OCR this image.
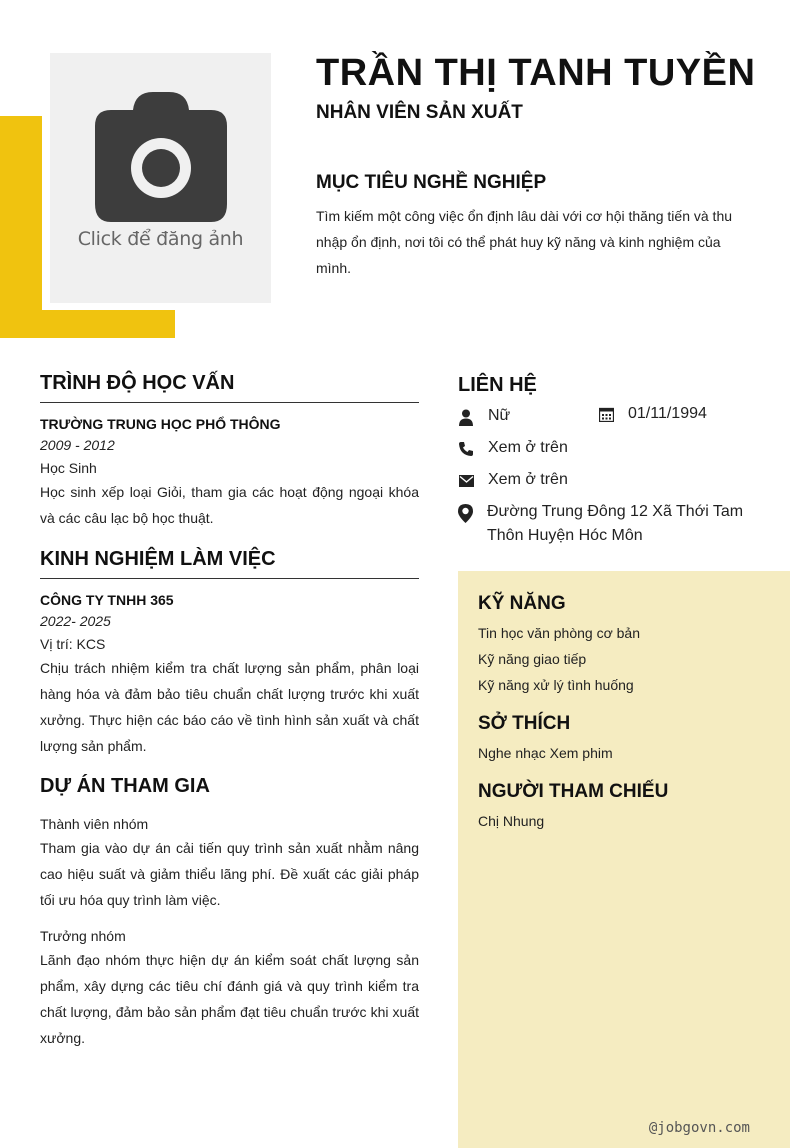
Click để đăng ảnh
TRẦN THỊ TANH TUYỀN
NHÂN VIÊN SẢN XUẤT
MỤC TIÊU NGHỀ NGHIỆP
Tìm kiếm một công việc ổn định lâu dài với cơ hội thăng tiến và thu nhập ổn định, nơi tôi có thể phát huy kỹ năng và kinh nghiệm của mình.
TRÌNH ĐỘ HỌC VẤN
TRƯỜNG TRUNG HỌC PHỔ THÔNG
2009 - 2012
Học Sinh
Học sinh xếp loại Giỏi, tham gia các hoạt động ngoại khóa và các câu lạc bộ học thuật.
KINH NGHIỆM LÀM VIỆC
CÔNG TY TNHH 365
2022- 2025
Vị trí: KCS
Chịu trách nhiệm kiểm tra chất lượng sản phẩm, phân loại hàng hóa và đảm bảo tiêu chuẩn chất lượng trước khi xuất xưởng. Thực hiện các báo cáo về tình hình sản xuất và chất lượng sản phẩm.
DỰ ÁN THAM GIA
Thành viên nhóm
Tham gia vào dự án cải tiến quy trình sản xuất nhằm nâng cao hiệu suất và giảm thiểu lãng phí. Đề xuất các giải pháp tối ưu hóa quy trình làm việc.
Trưởng nhóm
Lãnh đạo nhóm thực hiện dự án kiểm soát chất lượng sản phẩm, xây dựng các tiêu chí đánh giá và quy trình kiểm tra chất lượng, đảm bảo sản phẩm đạt tiêu chuẩn trước khi xuất xưởng.
LIÊN HỆ
Nữ	01/11/1994
Xem ở trên
Xem ở trên
Đường Trung Đông 12 Xã Thới Tam Thôn Huyện Hóc Môn
KỸ NĂNG
Tin học văn phòng cơ bản
Kỹ năng giao tiếp
Kỹ năng xử lý tình huống
SỞ THÍCH
Nghe nhạc Xem phim
NGƯỜI THAM CHIẾU
Chị Nhung
@jobgovn.com
